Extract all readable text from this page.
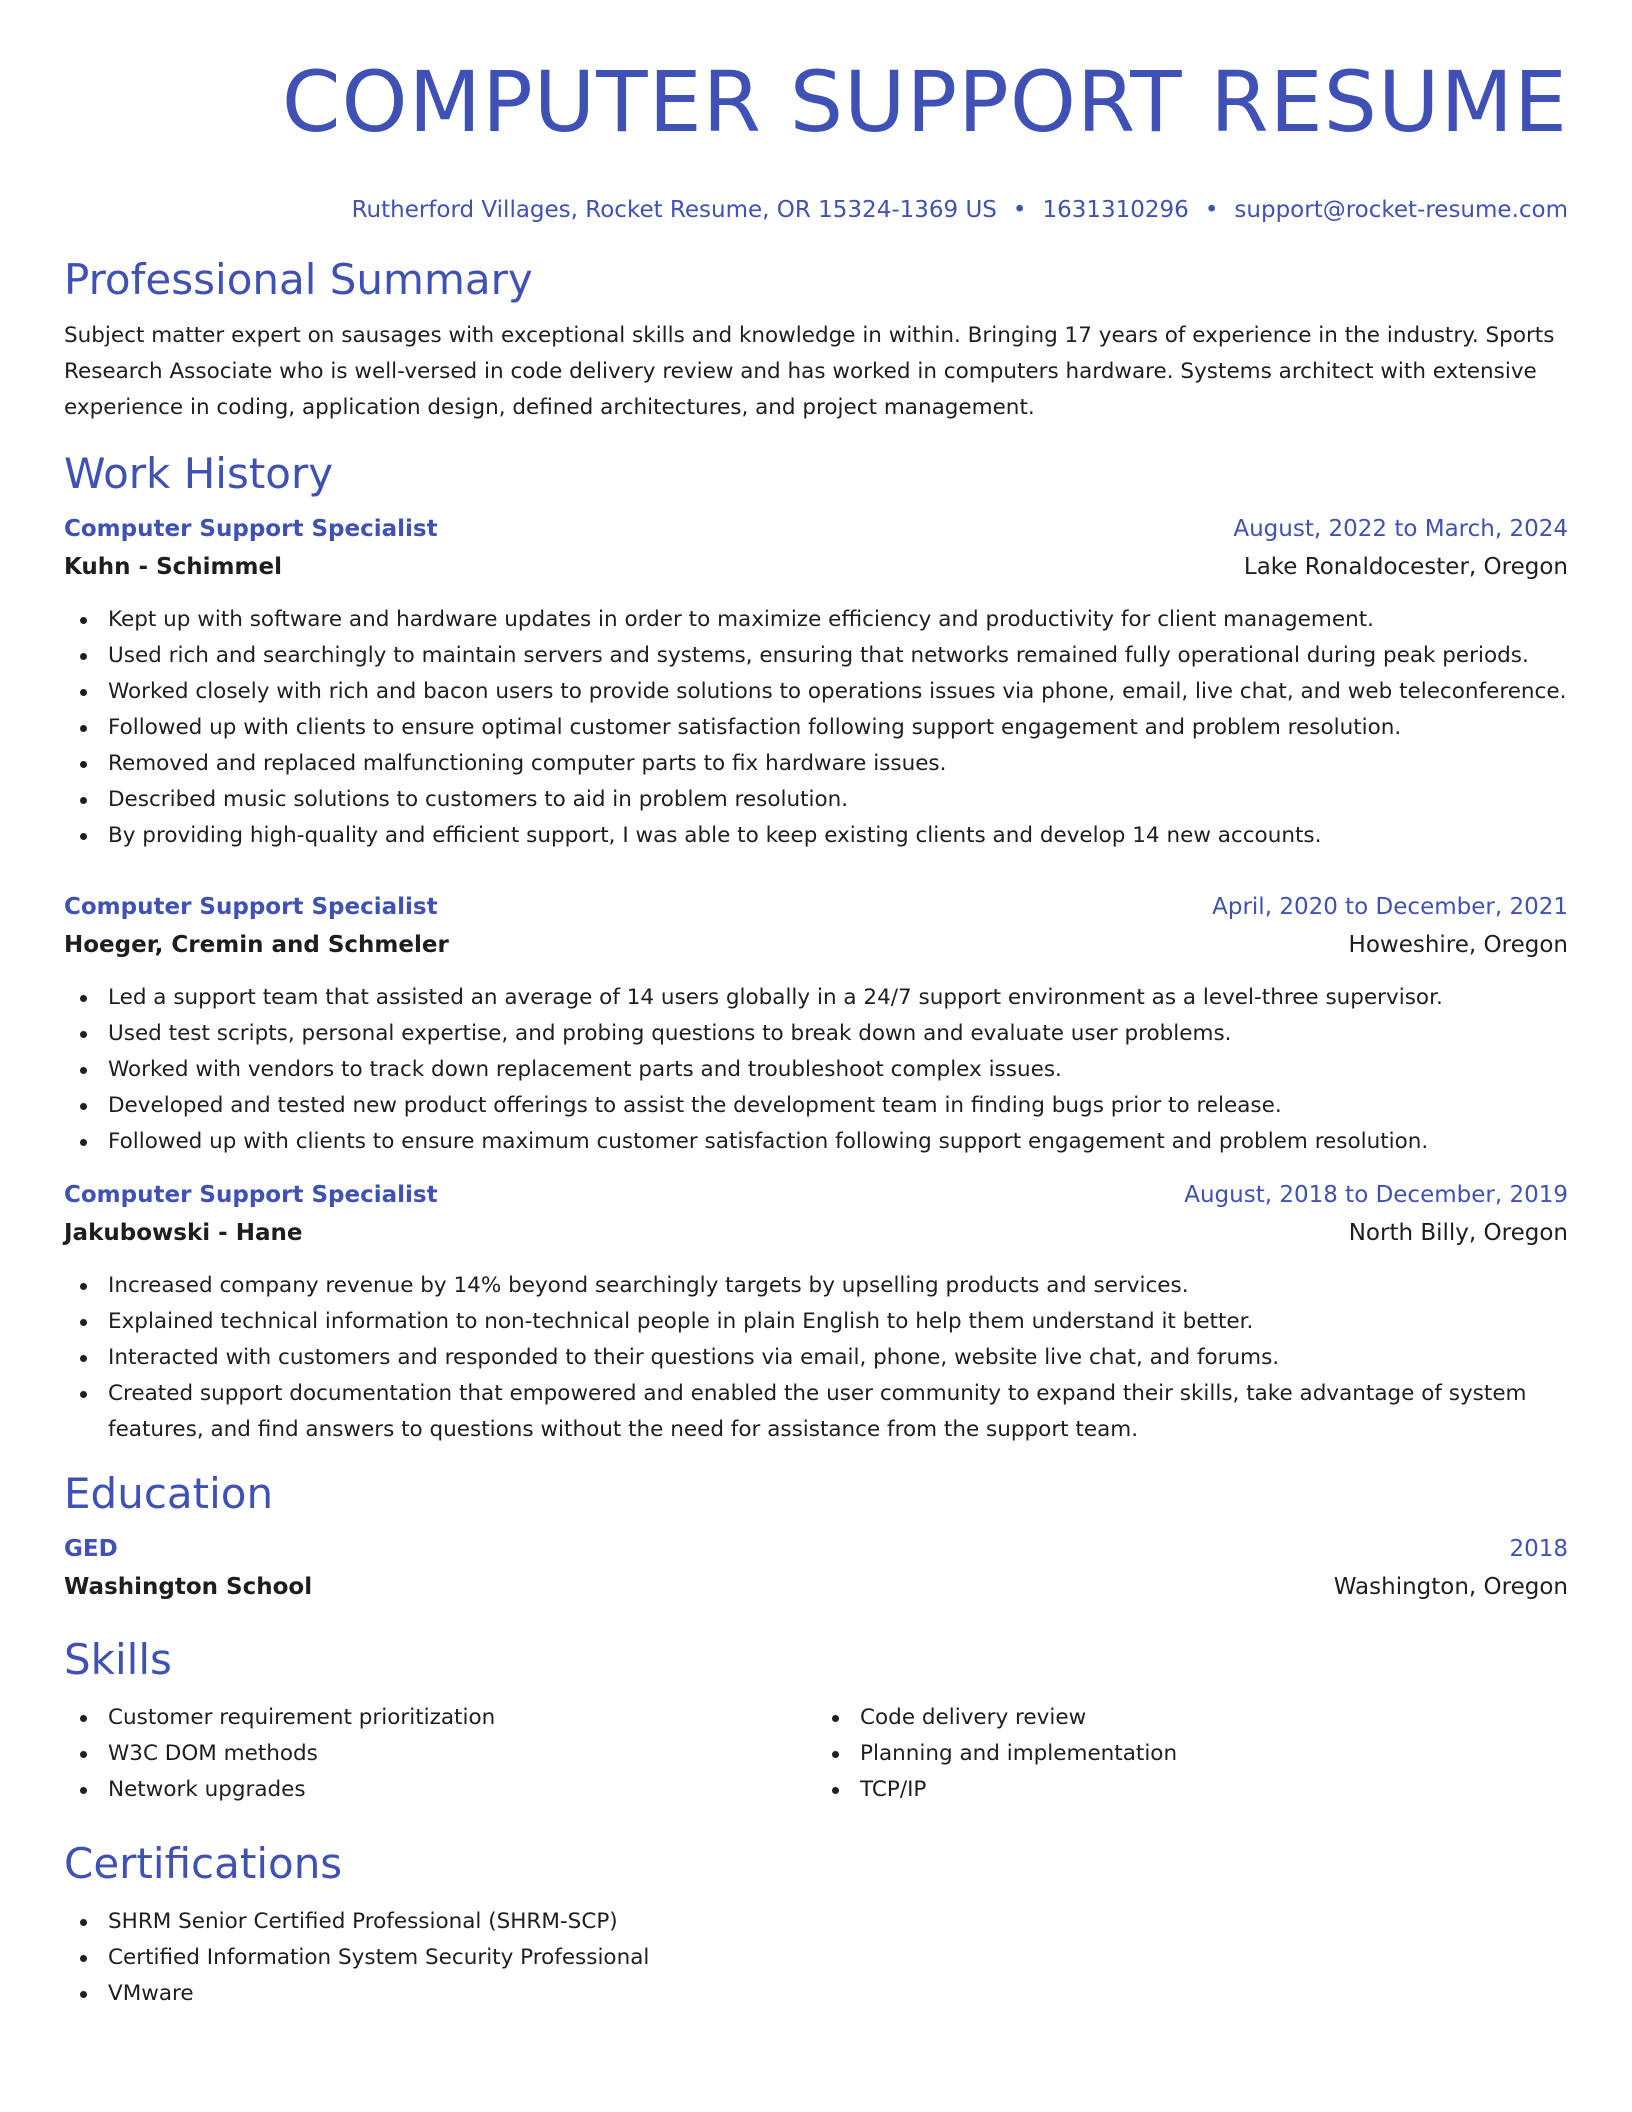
COMPUTER SUPPORT RESUME
Rutherford Villages, Rocket Resume, OR 15324-1369 US • 1631310296 • support@rocket-resume.com
Professional Summary

Subject matter expert on sausages with exceptional skills and knowledge in within. Bringing 17 years of experience in the industry. Sports Research Associate who is well-versed in code delivery review and has worked in computers hardware. Systems architect with extensive experience in coding, application design, defined architectures, and project management.

Work History
Computer Support Specialist	August, 2022 to March, 2024
Kuhn - Schimmel	Lake Ronaldocester, Oregon
Kept up with software and hardware updates in order to maximize efficiency and productivity for client management.
Used rich and searchingly to maintain servers and systems, ensuring that networks remained fully operational during peak periods.
Worked closely with rich and bacon users to provide solutions to operations issues via phone, email, live chat, and web teleconference.
Followed up with clients to ensure optimal customer satisfaction following support engagement and problem resolution.
Removed and replaced malfunctioning computer parts to fix hardware issues.
Described music solutions to customers to aid in problem resolution.
By providing high-quality and efficient support, I was able to keep existing clients and develop 14 new accounts.
Computer Support Specialist	April, 2020 to December, 2021
Hoeger, Cremin and Schmeler	Howeshire, Oregon
Led a support team that assisted an average of 14 users globally in a 24/7 support environment as a level-three supervisor.
Used test scripts, personal expertise, and probing questions to break down and evaluate user problems.
Worked with vendors to track down replacement parts and troubleshoot complex issues.
Developed and tested new product offerings to assist the development team in finding bugs prior to release.
Followed up with clients to ensure maximum customer satisfaction following support engagement and problem resolution.
Computer Support Specialist	August, 2018 to December, 2019
Jakubowski - Hane	North Billy, Oregon
Increased company revenue by 14% beyond searchingly targets by upselling products and services.
Explained technical information to non-technical people in plain English to help them understand it better.
Interacted with customers and responded to their questions via email, phone, website live chat, and forums.
Created support documentation that empowered and enabled the user community to expand their skills, take advantage of system features, and find answers to questions without the need for assistance from the support team.
Education
GED	2018
Washington School	Washington, Oregon
Skills
Customer requirement prioritization
W3C DOM methods
Network upgrades
Code delivery review
Planning and implementation
TCP/IP
Certifications
SHRM Senior Certified Professional (SHRM-SCP)
Certified Information System Security Professional
VMware
